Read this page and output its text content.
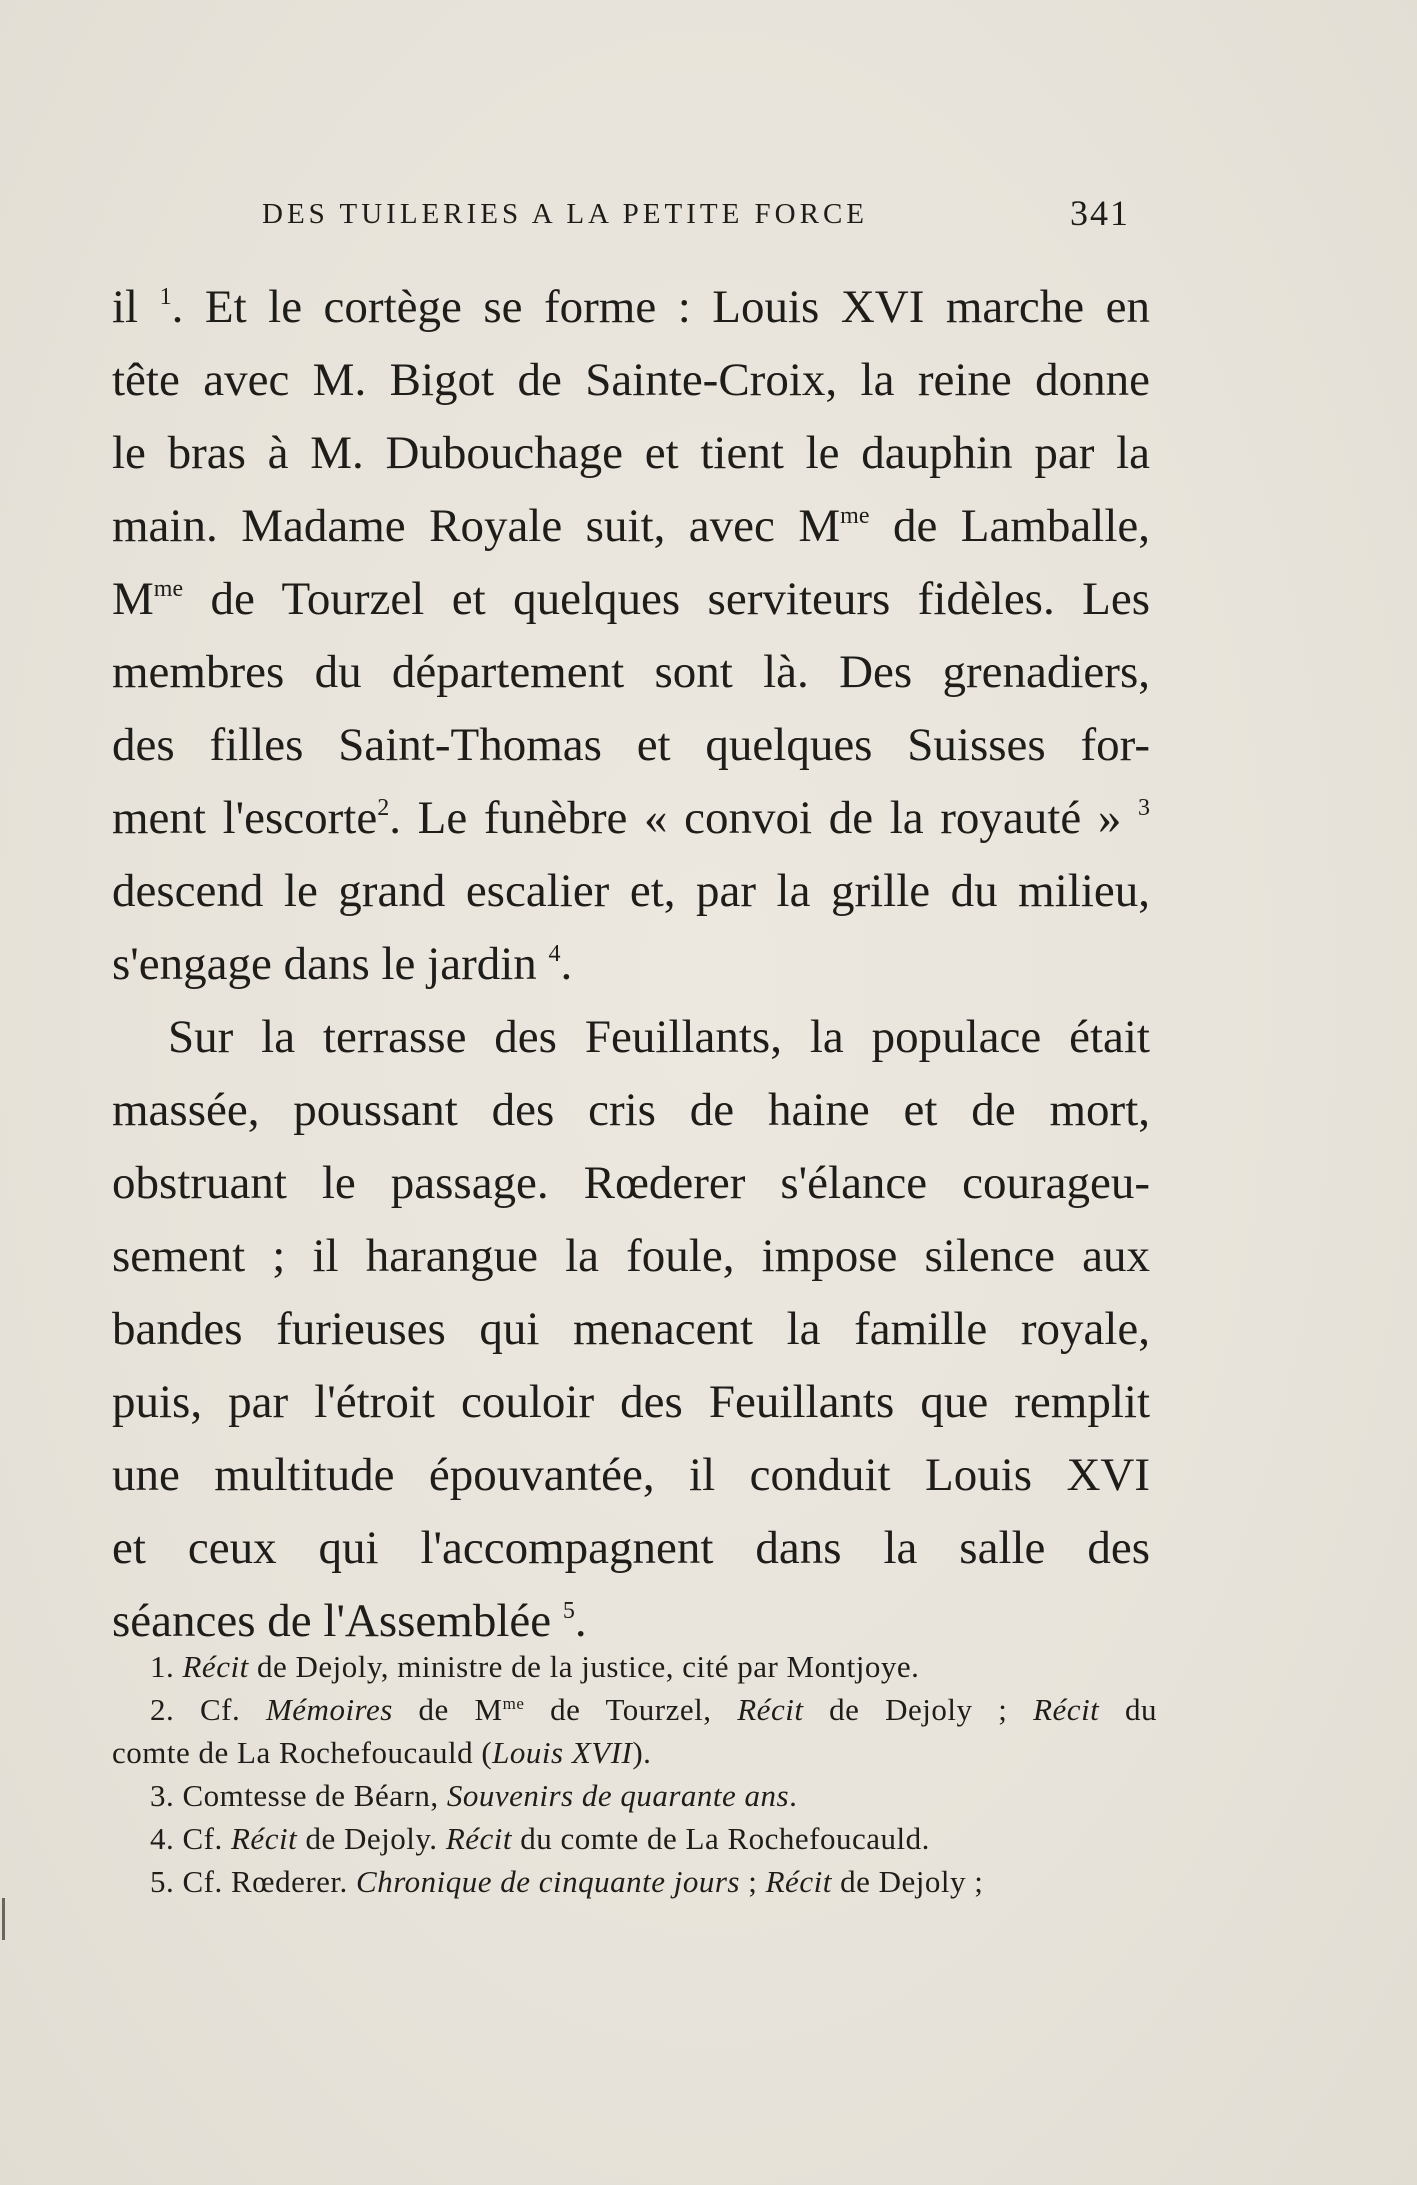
DES TUILERIES A LA PETITE FORCE	341
il $^1$. Et le cortège se forme : Louis XVI marche en
tête avec M. Bigot de Sainte-Croix, la reine donne
le bras à M. Dubouchage et tient le dauphin par la
main. Madame Royale suit, avec $M^{me}$ de Lamballe,
$M^{me}$ de Tourzel et quelques serviteurs fidèles. Les
membres du département sont là. Des grenadiers,
des filles Saint-Thomas et quelques Suisses for-
ment l'escorte$^2$. Le funèbre « convoi de la royauté » $^3$
descend le grand escalier et, par la grille du milieu,
s'engage dans le jardin $^4$.
Sur la terrasse des Feuillants, la populace était
massée, poussant des cris de haine et de mort,
obstruant le passage. Rœderer s'élance courageu-
sement ; il harangue la foule, impose silence aux
bandes furieuses qui menacent la famille royale,
puis, par l'étroit couloir des Feuillants que remplit
une multitude épouvantée, il conduit Louis XVI
et ceux qui l'accompagnent dans la salle des
séances de l'Assemblée $^5$.
1. Récit de Dejoly, ministre de la justice, cité par Montjoye.
2. Cf. Mémoires de $M^{me}$ de Tourzel, Récit de Dejoly ; Récit du
comte de La Rochefoucauld (Louis XVII).
3. Comtesse de Béarn, Souvenirs de quarante ans.
4. Cf. Récit de Dejoly. Récit du comte de La Rochefoucauld.
5. Cf. Rœderer. Chronique de cinquante jours ; Récit de Dejoly ;
